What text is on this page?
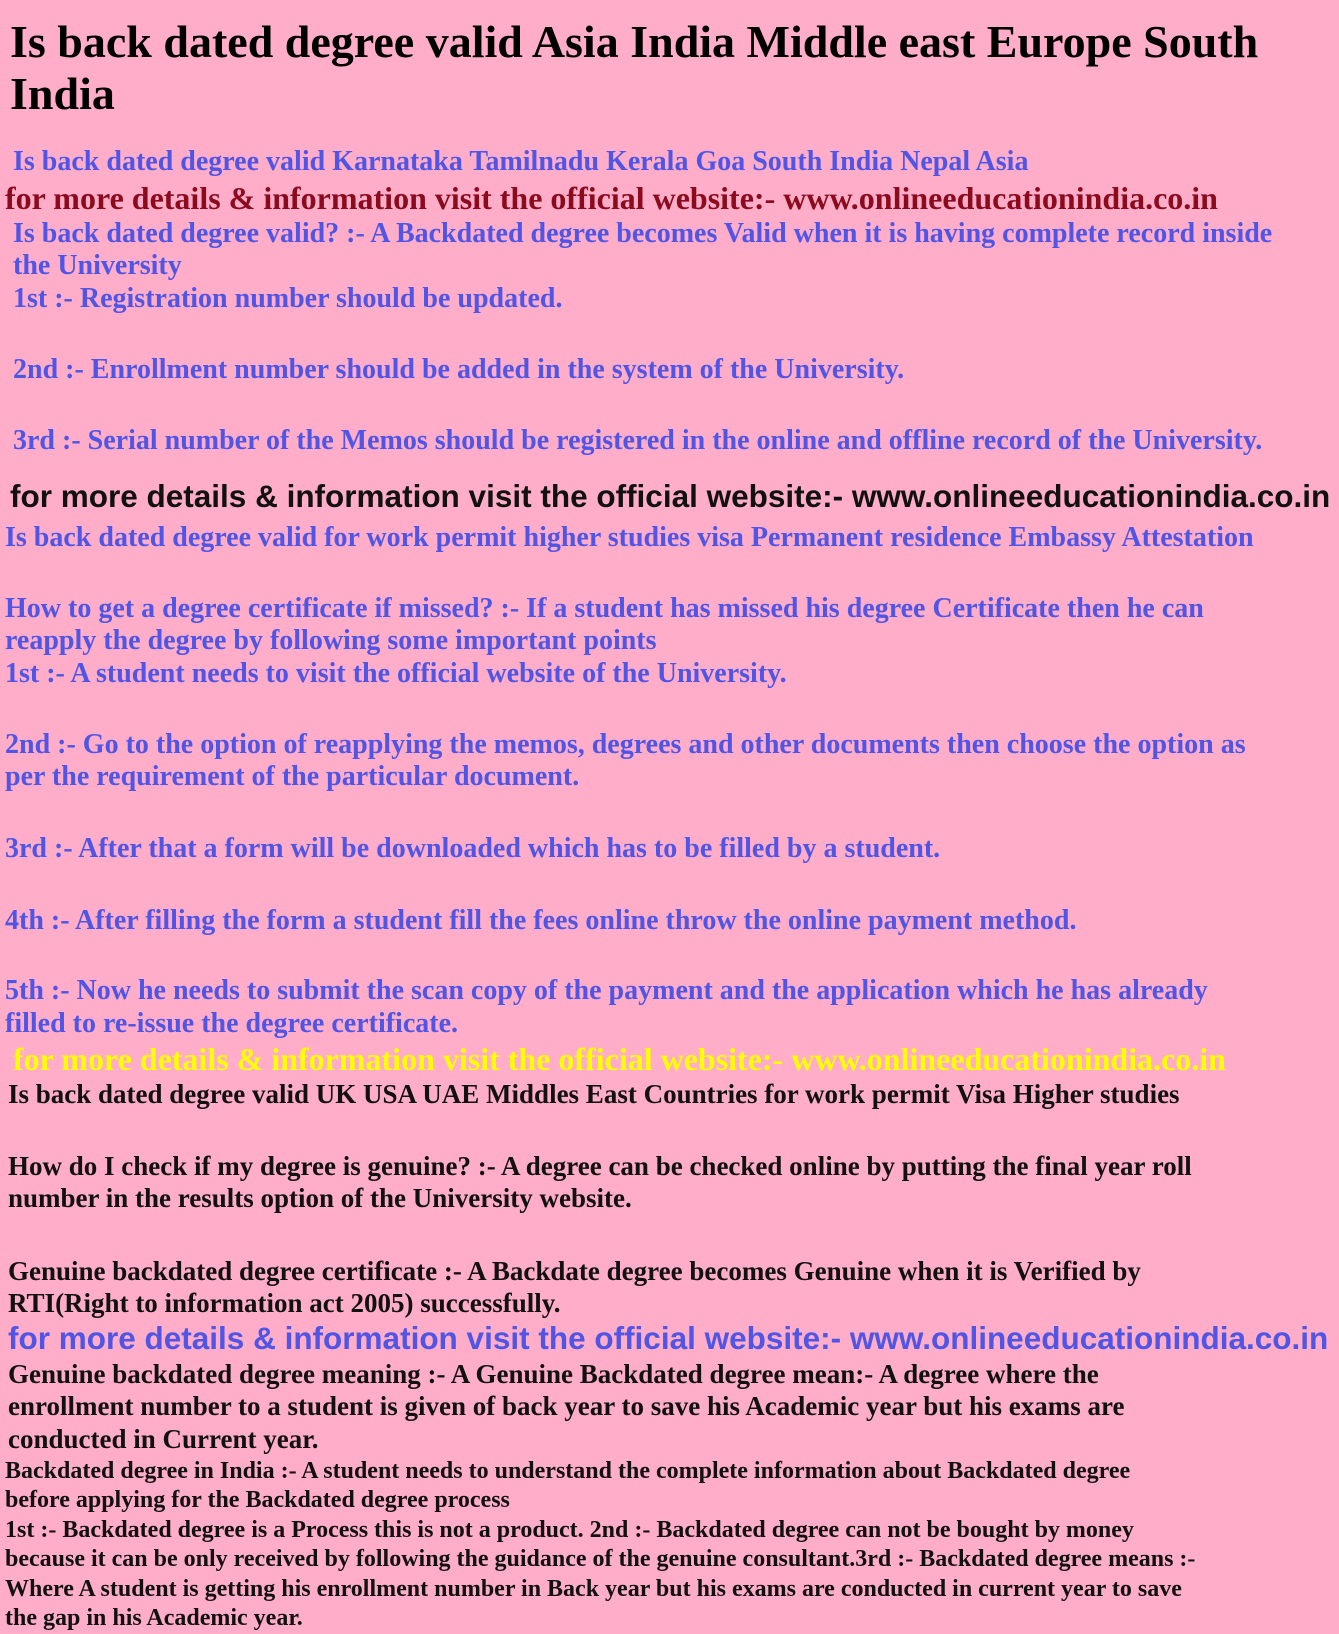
Is back dated degree valid Asia India Middle east Europe South India

Is back dated degree valid Karnataka Tamilnadu Kerala Goa South India Nepal Asia

for more details & information visit the official website:- www.onlineeducationindia.co.in

Is back dated degree valid? :- A Backdated degree becomes Valid when it is having complete record inside

the University

1st :- Registration number should be updated.

2nd :- Enrollment number should be added in the system of the University.

3rd :- Serial number of the Memos should be registered in the online and offline record of the University.

for more details & information visit the official website:- www.onlineeducationindia.co.in

Is back dated degree valid for work permit higher studies visa Permanent residence Embassy Attestation

How to get a degree certificate if missed? :- If a student has missed his degree Certificate then he can

reapply the degree by following some important points

1st :- A student needs to visit the official website of the University.

2nd :- Go to the option of reapplying the memos, degrees and other documents then choose the option as

per the requirement of the particular document.

3rd :- After that a form will be downloaded which has to be filled by a student.

4th :- After filling the form a student fill the fees online throw the online payment method.

5th :- Now he needs to submit the scan copy of the payment and the application which he has already

filled to re-issue the degree certificate.

for more details & information visit the official website:- www.onlineeducationindia.co.in

Is back dated degree valid UK USA UAE Middles East Countries for work permit Visa Higher studies

How do I check if my degree is genuine? :- A degree can be checked online by putting the final year roll

number in the results option of the University website.

Genuine backdated degree certificate :- A Backdate degree becomes Genuine when it is Verified by

RTI(Right to information act 2005) successfully.

for more details & information visit the official website:- www.onlineeducationindia.co.in

Genuine backdated degree meaning :- A Genuine Backdated degree mean:- A degree where the

enrollment number to a student is given of back year to save his Academic year but his exams are

conducted in Current year.

Backdated degree in India :- A student needs to understand the complete information about Backdated degree

before applying for the Backdated degree process

1st :- Backdated degree is a Process this is not a product. 2nd :- Backdated degree can not be bought by money

because it can be only received by following the guidance of the genuine consultant.3rd :- Backdated degree means :-

Where A student is getting his enrollment number in Back year but his exams are conducted in current year to save

the gap in his Academic year.
